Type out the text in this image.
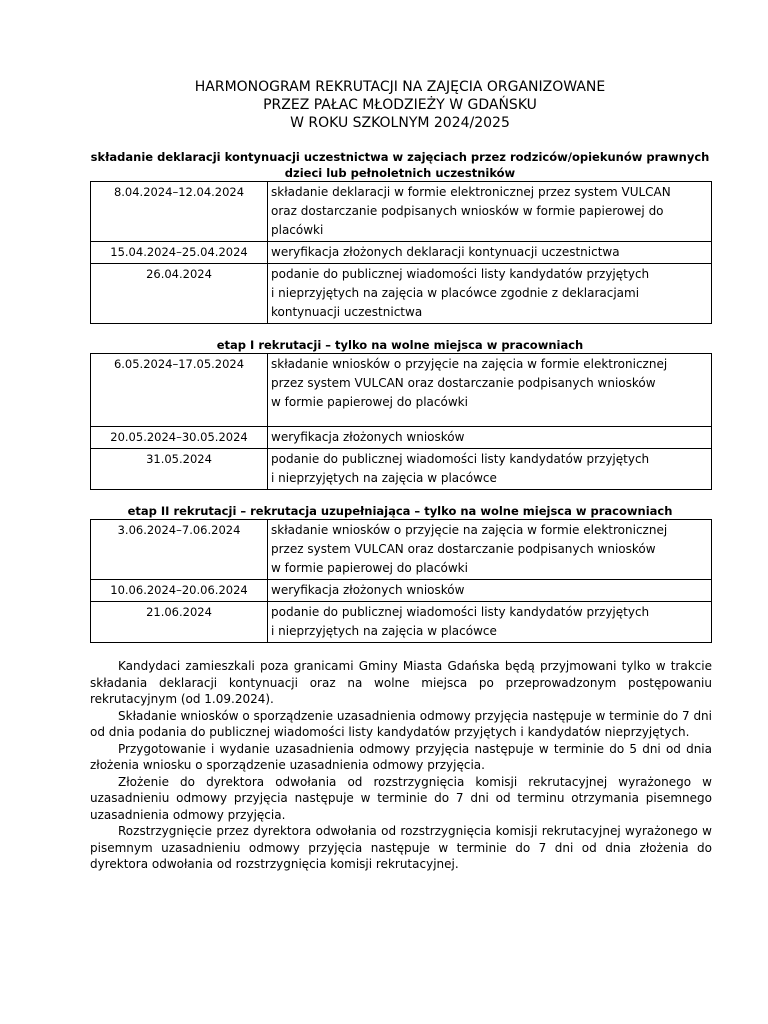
HARMONOGRAM REKRUTACJI NA ZAJĘCIA ORGANIZOWANE
PRZEZ PAŁAC MŁODZIEŻY W GDAŃSKU
W ROKU SZKOLNYM 2024/2025
składanie deklaracji kontynuacji uczestnictwa w zajęciach przez rodziców/opiekunów prawnych
dzieci lub pełnoletnich uczestników
8.04.2024–12.04.2024	składanie deklaracji w formie elektronicznej przez system VULCAN
oraz dostarczanie podpisanych wniosków w formie papierowej do
placówki

15.04.2024–25.04.2024	weryfikacja złożonych deklaracji kontynuacji uczestnictwa

26.04.2024	podanie do publicznej wiadomości listy kandydatów przyjętych
i nieprzyjętych na zajęcia w placówce zgodnie z deklaracjami
kontynuacji uczestnictwa
etap I rekrutacji – tylko na wolne miejsca w pracowniach
6.05.2024–17.05.2024	składanie wniosków o przyjęcie na zajęcia w formie elektronicznej
przez system VULCAN oraz dostarczanie podpisanych wniosków
w formie papierowej do placówki

20.05.2024–30.05.2024	weryfikacja złożonych wniosków

31.05.2024	podanie do publicznej wiadomości listy kandydatów przyjętych
i nieprzyjętych na zajęcia w placówce
etap II rekrutacji – rekrutacja uzupełniająca – tylko na wolne miejsca w pracowniach
3.06.2024–7.06.2024	składanie wniosków o przyjęcie na zajęcia w formie elektronicznej
przez system VULCAN oraz dostarczanie podpisanych wniosków
w formie papierowej do placówki

10.06.2024–20.06.2024	weryfikacja złożonych wniosków

21.06.2024	podanie do publicznej wiadomości listy kandydatów przyjętych
i nieprzyjętych na zajęcia w placówce

Kandydaci zamieszkali poza granicami Gminy Miasta Gdańska będą przyjmowani tylko w trakcie składania deklaracji kontynuacji oraz na wolne miejsca po przeprowadzonym postępowaniu rekrutacyjnym (od 1.09.2024).

Składanie wniosków o sporządzenie uzasadnienia odmowy przyjęcia następuje w terminie do 7 dni od dnia podania do publicznej wiadomości listy kandydatów przyjętych i kandydatów nieprzyjętych.

Przygotowanie i wydanie uzasadnienia odmowy przyjęcia następuje w terminie do 5 dni od dnia złożenia wniosku o sporządzenie uzasadnienia odmowy przyjęcia.

Złożenie do dyrektora odwołania od rozstrzygnięcia komisji rekrutacyjnej wyrażonego w uzasadnieniu odmowy przyjęcia następuje w terminie do 7 dni od terminu otrzymania pisemnego uzasadnienia odmowy przyjęcia.

Rozstrzygnięcie przez dyrektora odwołania od rozstrzygnięcia komisji rekrutacyjnej wyrażonego w pisemnym uzasadnieniu odmowy przyjęcia następuje w terminie do 7 dni od dnia złożenia do dyrektora odwołania od rozstrzygnięcia komisji rekrutacyjnej.
